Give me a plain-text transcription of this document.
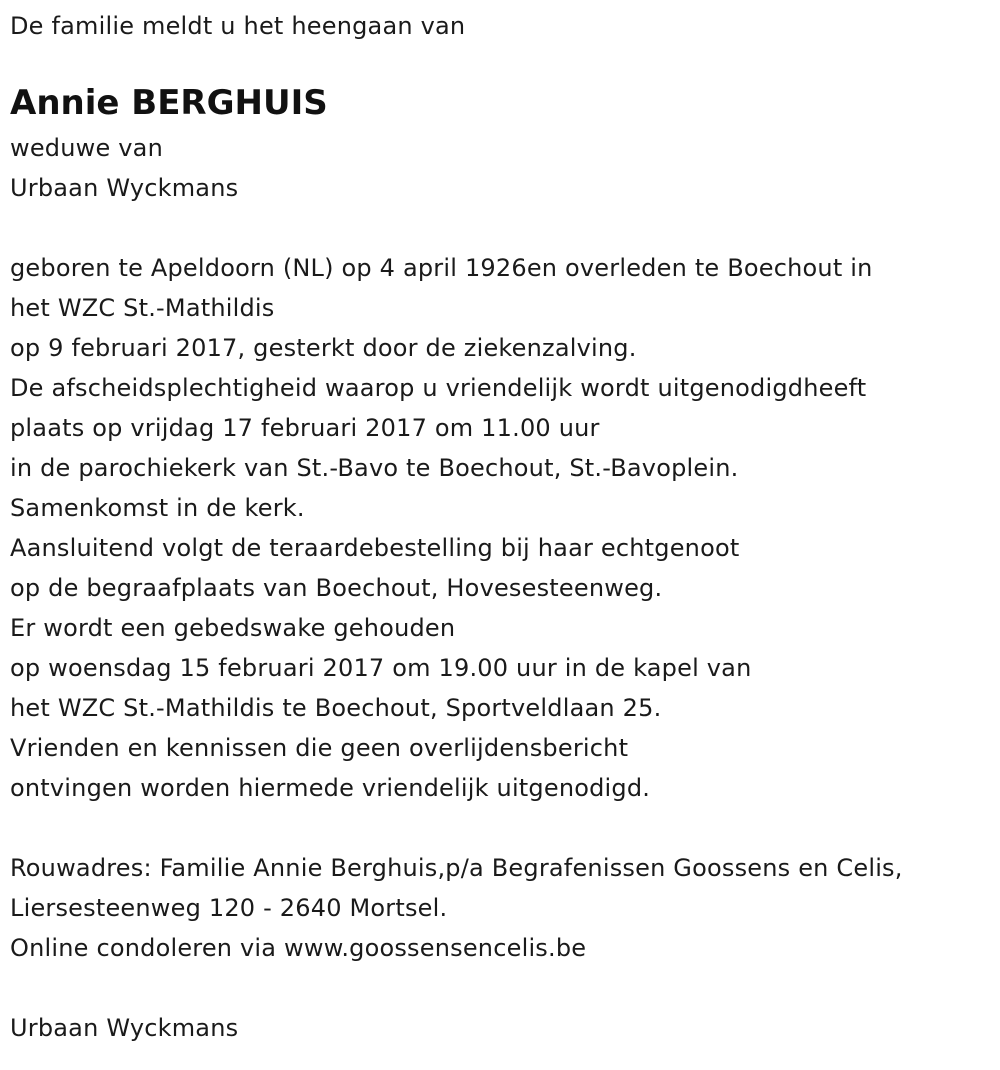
De familie meldt u het heengaan van
Annie BERGHUIS
weduwe van
Urbaan Wyckmans
geboren te Apeldoorn (NL) op 4 april 1926en overleden te Boechout in
het WZC St.-Mathildis
op 9 februari 2017, gesterkt door de ziekenzalving.
De afscheidsplechtigheid waarop u vriendelijk wordt uitgenodigdheeft
plaats op vrijdag 17 februari 2017 om 11.00 uur
in de parochiekerk van St.-Bavo te Boechout, St.-Bavoplein.
Samenkomst in de kerk.
Aansluitend volgt de teraardebestelling bij haar echtgenoot
op de begraafplaats van Boechout, Hovesesteenweg.
Er wordt een gebedswake gehouden
op woensdag 15 februari 2017 om 19.00 uur in de kapel van
het WZC St.-Mathildis te Boechout, Sportveldlaan 25.
Vrienden en kennissen die geen overlijdensbericht
ontvingen worden hiermede vriendelijk uitgenodigd.
Rouwadres: Familie Annie Berghuis,p/a Begrafenissen Goossens en Celis,
Liersesteenweg 120 - 2640 Mortsel.
Online condoleren via www.goossensencelis.be
Urbaan Wyckmans
